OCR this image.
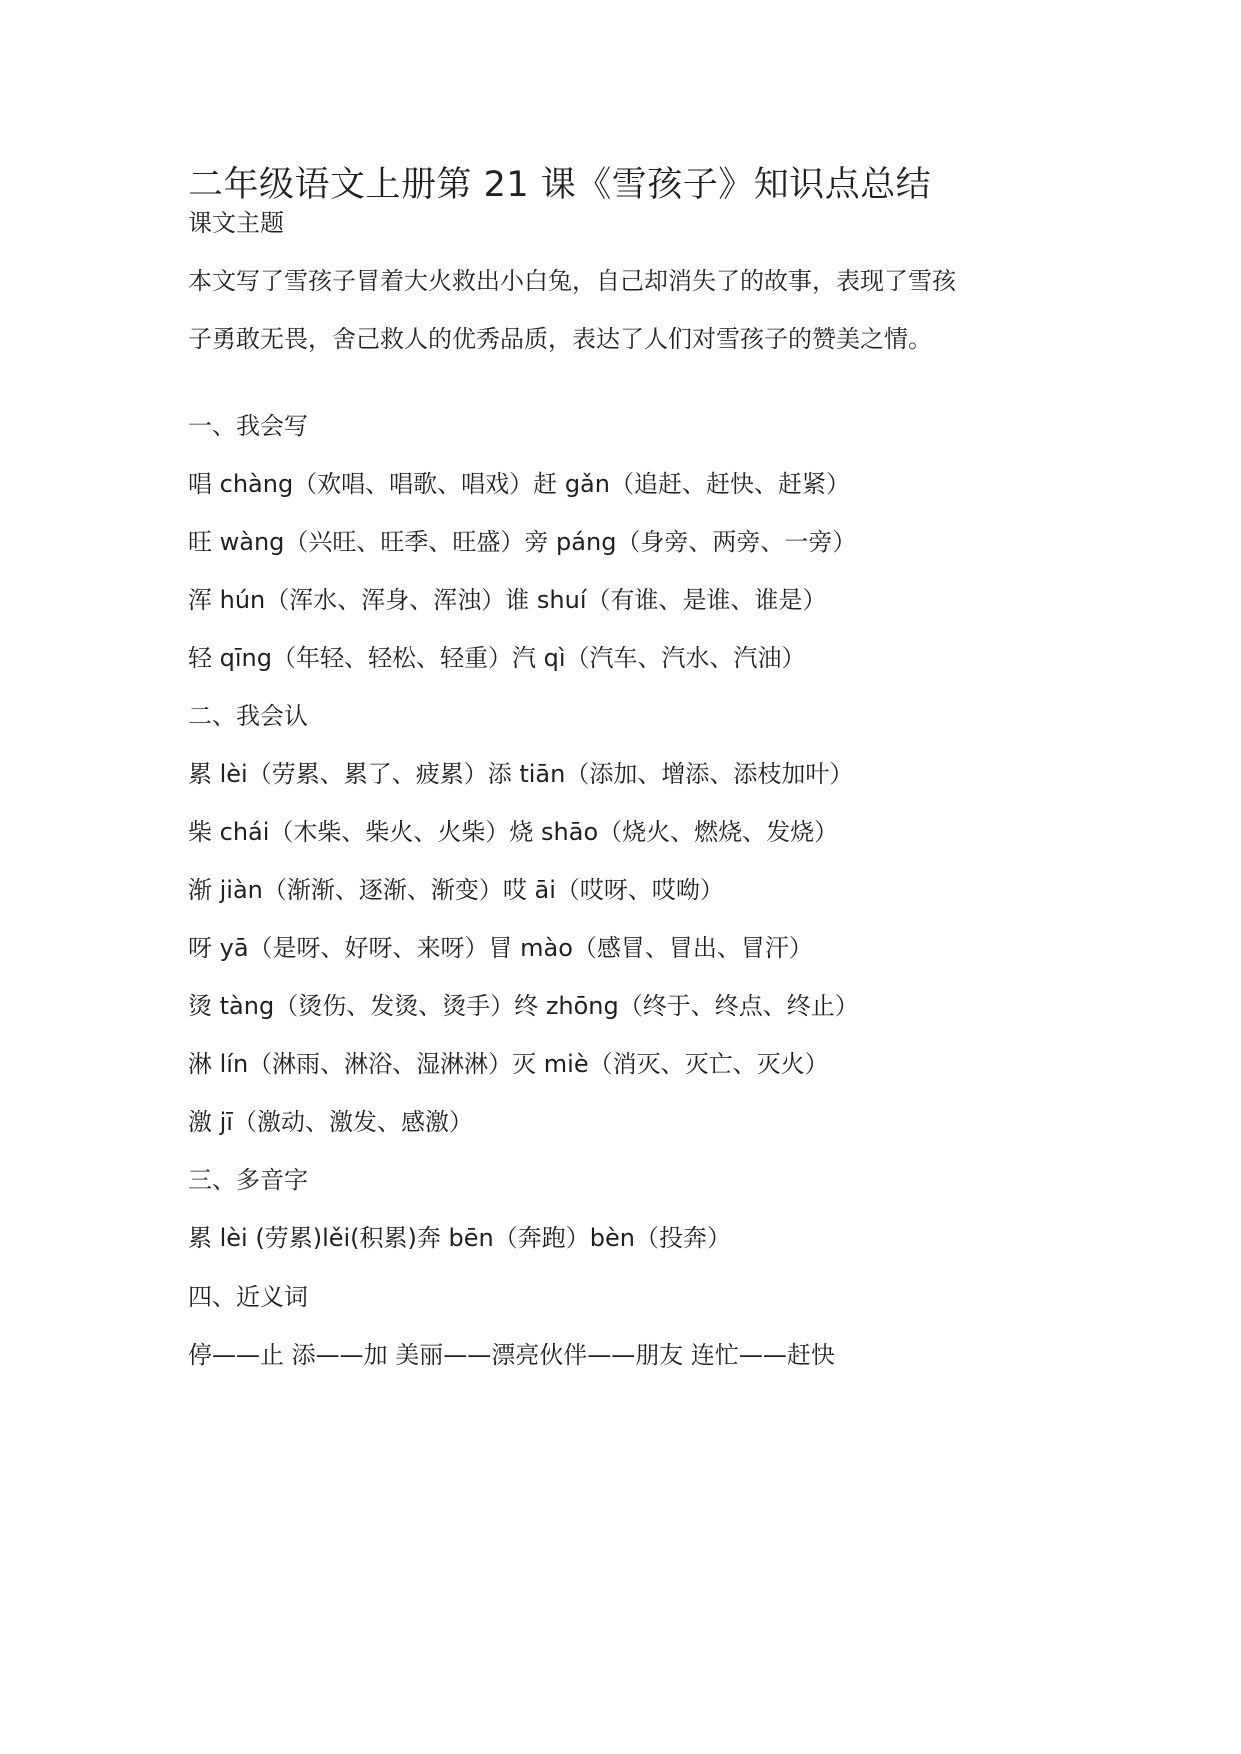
二年级语文上册第 21 课《雪孩子》知识点总结

课文主题

本文写了雪孩子冒着大火救出小白兔，自己却消失了的故事，表现了雪孩

子勇敢无畏，舍己救人的优秀品质，表达了人们对雪孩子的赞美之情。

一、我会写

唱 chàng（欢唱、唱歌、唱戏）赶 gǎn（追赶、赶快、赶紧）

旺 wàng（兴旺、旺季、旺盛）旁 páng（身旁、两旁、一旁）

浑 hún（浑水、浑身、浑浊）谁 shuí（有谁、是谁、谁是）

轻 qīng（年轻、轻松、轻重）汽 qì（汽车、汽水、汽油）

二、我会认

累 lèi（劳累、累了、疲累）添 tiān（添加、增添、添枝加叶）

柴 chái（木柴、柴火、火柴）烧 shāo（烧火、燃烧、发烧）

渐 jiàn（渐渐、逐渐、渐变）哎 āi（哎呀、哎呦）

呀 yā（是呀、好呀、来呀）冒 mào（感冒、冒出、冒汗）

烫 tàng（烫伤、发烫、烫手）终 zhōng（终于、终点、终止）

淋 lín（淋雨、淋浴、湿淋淋）灭 miè（消灭、灭亡、灭火）

激 jī（激动、激发、感激）

三、多音字

累 lèi (劳累)lěi(积累)奔 bēn（奔跑）bèn（投奔）

四、近义词

停——止 添——加 美丽——漂亮伙伴——朋友 连忙——赶快
